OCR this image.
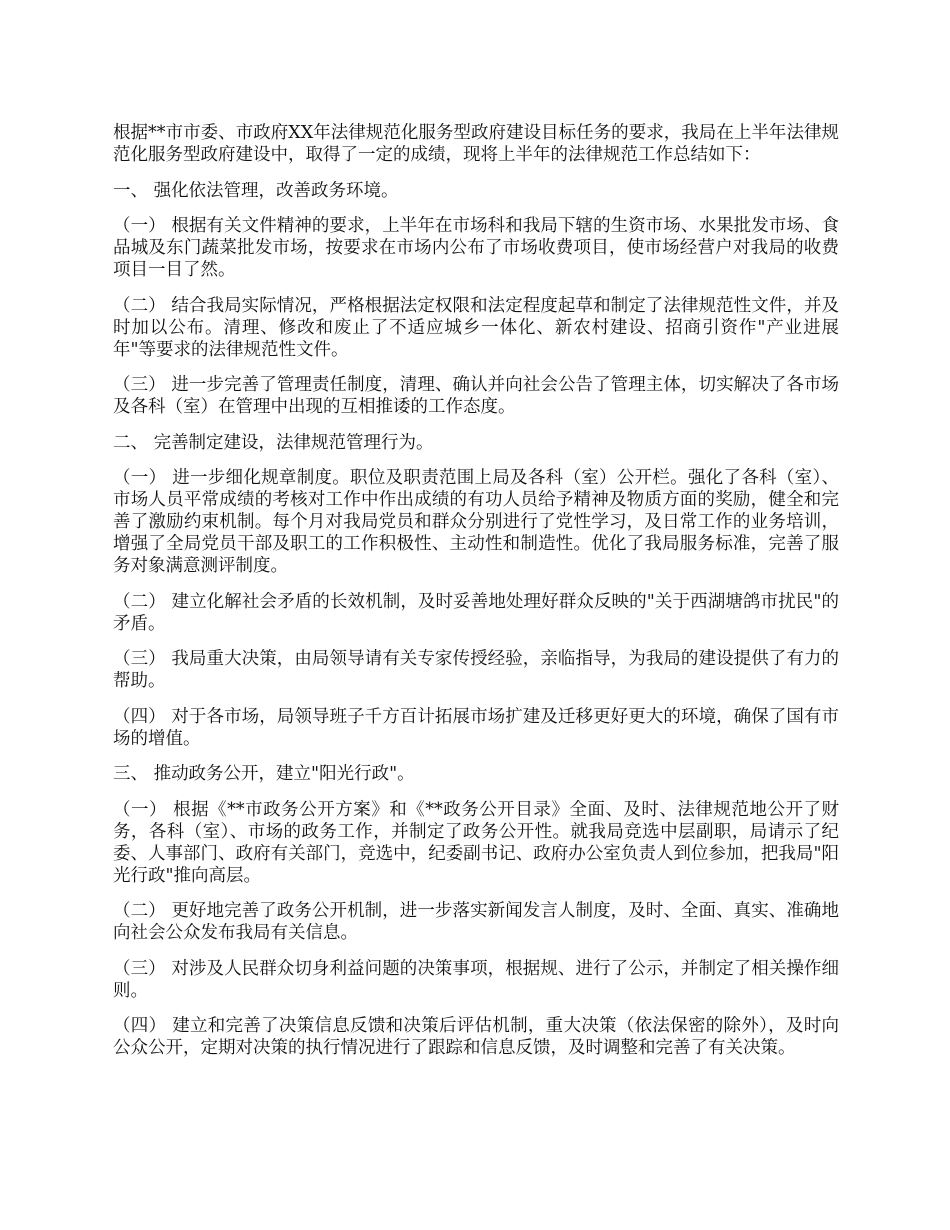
根据**市市委、市政府XX年法律规范化服务型政府建设目标任务的要求，我局在上半年法律规范化服务型政府建设中，取得了一定的成绩，现将上半年的法律规范工作总结如下：

一、 强化依法管理，改善政务环境。

（一） 根据有关文件精神的要求，上半年在市场科和我局下辖的生资市场、水果批发市场、食品城及东门蔬菜批发市场，按要求在市场内公布了市场收费项目，使市场经营户对我局的收费项目一目了然。

（二） 结合我局实际情况，严格根据法定权限和法定程度起草和制定了法律规范性文件，并及时加以公布。清理、修改和废止了不适应城乡一体化、新农村建设、招商引资作"产业进展年"等要求的法律规范性文件。

（三） 进一步完善了管理责任制度，清理、确认并向社会公告了管理主体，切实解决了各市场及各科（室）在管理中出现的互相推诿的工作态度。

二、 完善制定建设，法律规范管理行为。

（一） 进一步细化规章制度。职位及职责范围上局及各科（室）公开栏。强化了各科（室）、市场人员平常成绩的考核对工作中作出成绩的有功人员给予精神及物质方面的奖励，健全和完善了激励约束机制。每个月对我局党员和群众分别进行了党性学习，及日常工作的业务培训，增强了全局党员干部及职工的工作积极性、主动性和制造性。优化了我局服务标准，完善了服务对象满意测评制度。

（二） 建立化解社会矛盾的长效机制，及时妥善地处理好群众反映的"关于西湖塘鸽市扰民"的矛盾。

（三） 我局重大决策，由局领导请有关专家传授经验，亲临指导，为我局的建设提供了有力的帮助。

（四） 对于各市场，局领导班子千方百计拓展市场扩建及迁移更好更大的环境，确保了国有市场的增值。

三、 推动政务公开，建立"阳光行政"。

（一） 根据《**市政务公开方案》和《**政务公开目录》全面、及时、法律规范地公开了财务，各科（室）、市场的政务工作，并制定了政务公开性。就我局竞选中层副职，局请示了纪委、人事部门、政府有关部门，竞选中，纪委副书记、政府办公室负责人到位参加，把我局"阳光行政"推向高层。

（二） 更好地完善了政务公开机制，进一步落实新闻发言人制度，及时、全面、真实、准确地向社会公众发布我局有关信息。

（三） 对涉及人民群众切身利益问题的决策事项，根据规、进行了公示，并制定了相关操作细则。

（四） 建立和完善了决策信息反馈和决策后评估机制，重大决策（依法保密的除外），及时向公众公开，定期对决策的执行情况进行了跟踪和信息反馈，及时调整和完善了有关决策。
